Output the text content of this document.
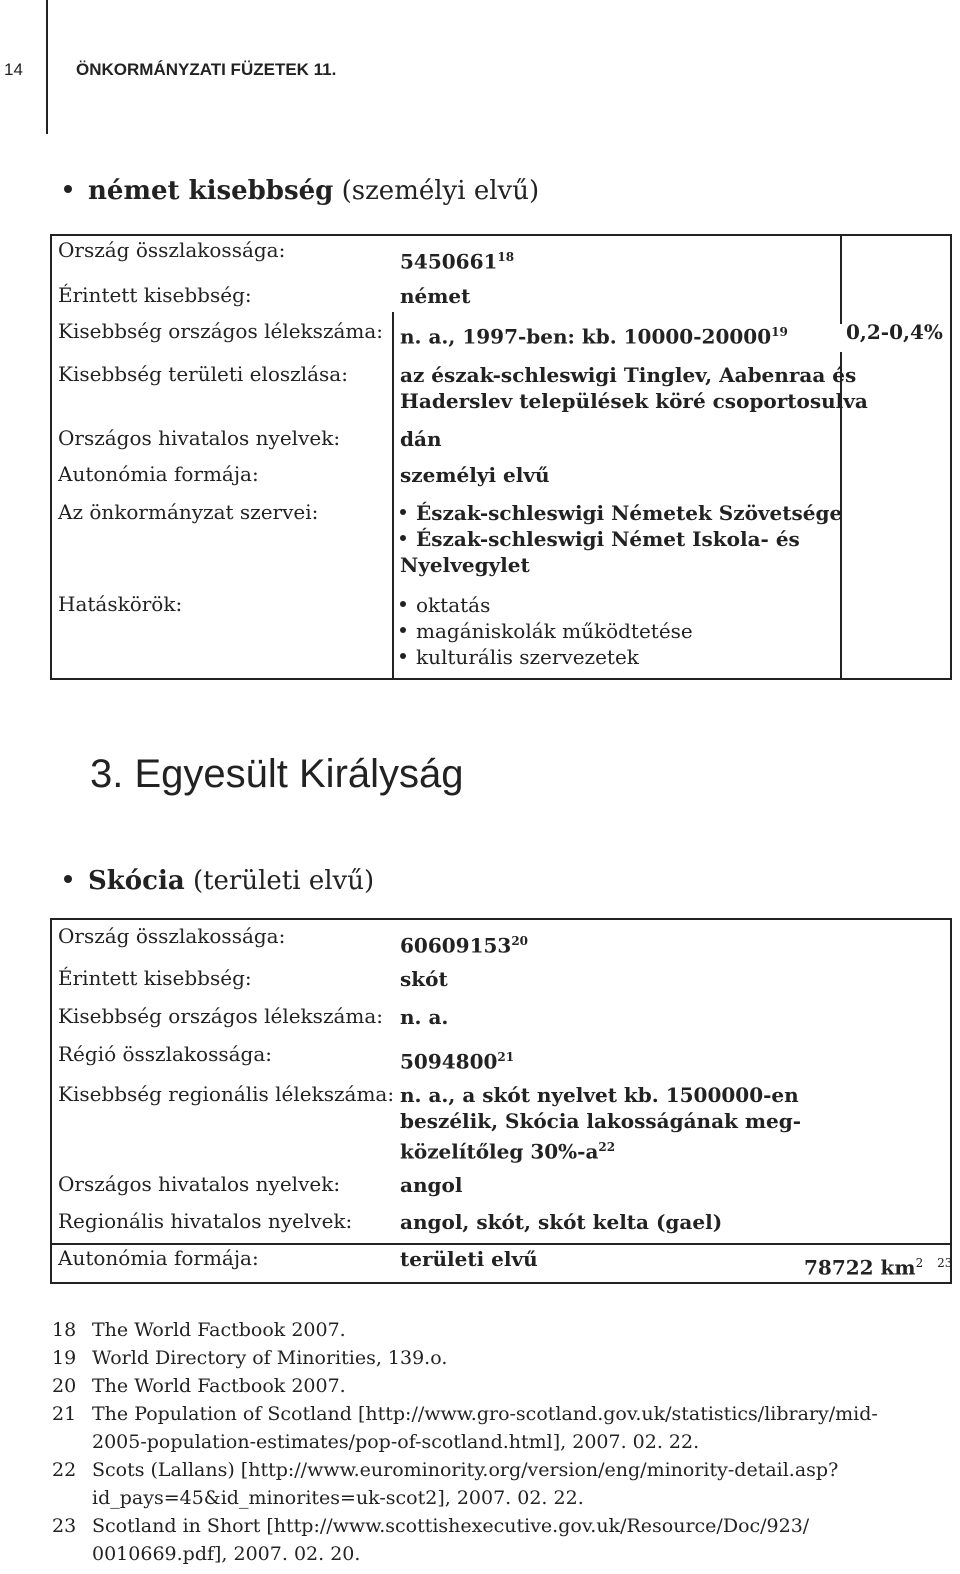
14	ÖNKORMÁNYZATI FÜZETEK 11.
német kisebbség (személyi elvű)
Ország összlakossága:	5450661$^{18}$
Érintett kisebbség:	német
Kisebbség országos lélekszáma: n. a., 1997-ben: kb. 10000-20000$^{19}$	0,2-0,4%
Kisebbség területi eloszlása:	az észak-schleswigi Tinglev, Aabenraa és
Haderslev települések köré csoportosulva
Országos hivatalos nyelvek:	dán
Autonómia formája:	személyi elvű
Az önkormányzat szervei:	Észak-schleswigi Németek Szövetsége
Észak-schleswigi Német Iskola- és
Nyelvegylet
Hatáskörök:	oktatás
magániskolák működtetése
kulturális szervezetek
3. Egyesült Királyság
Skócia (területi elvű)
Ország összlakossága:	60609153$^{20}$
Érintett kisebbség:	skót
Kisebbség országos lélekszáma: n. a.
Régió összlakossága:	5094800$^{21}$
Kisebbség regionális lélekszáma: n. a., a skót nyelvet kb. 1500000-en
beszélik, Skócia lakosságának meg-
közelítőleg $30\%-a^{22}$
Országos hivatalos nyelvek:	angol
Regionális hivatalos nyelvek: angol, skót, skót kelta (gael)
Autonómia formája:	területi elvű	78722 $km^2$ $^{23}$
18 The World Factbook 2007.
19 World Directory of Minorities, 139.o.
20 The World Factbook 2007.
21 The Population of Scotland [http://www.gro-scotland.gov.uk/statistics/library/mid-
2005-population-estimates/pop-of-scotland.html], 2007. 02. 22.
22 Scots (Lallans) [http://www.eurominority.org/version/eng/minority-detail.asp?
id_pays=45&id_minorites=uk-scot2], 2007. 02. 22.
23 Scotland in Short [http://www.scottishexecutive.gov.uk/Resource/Doc/923/
0010669.pdf], 2007. 02. 20.
